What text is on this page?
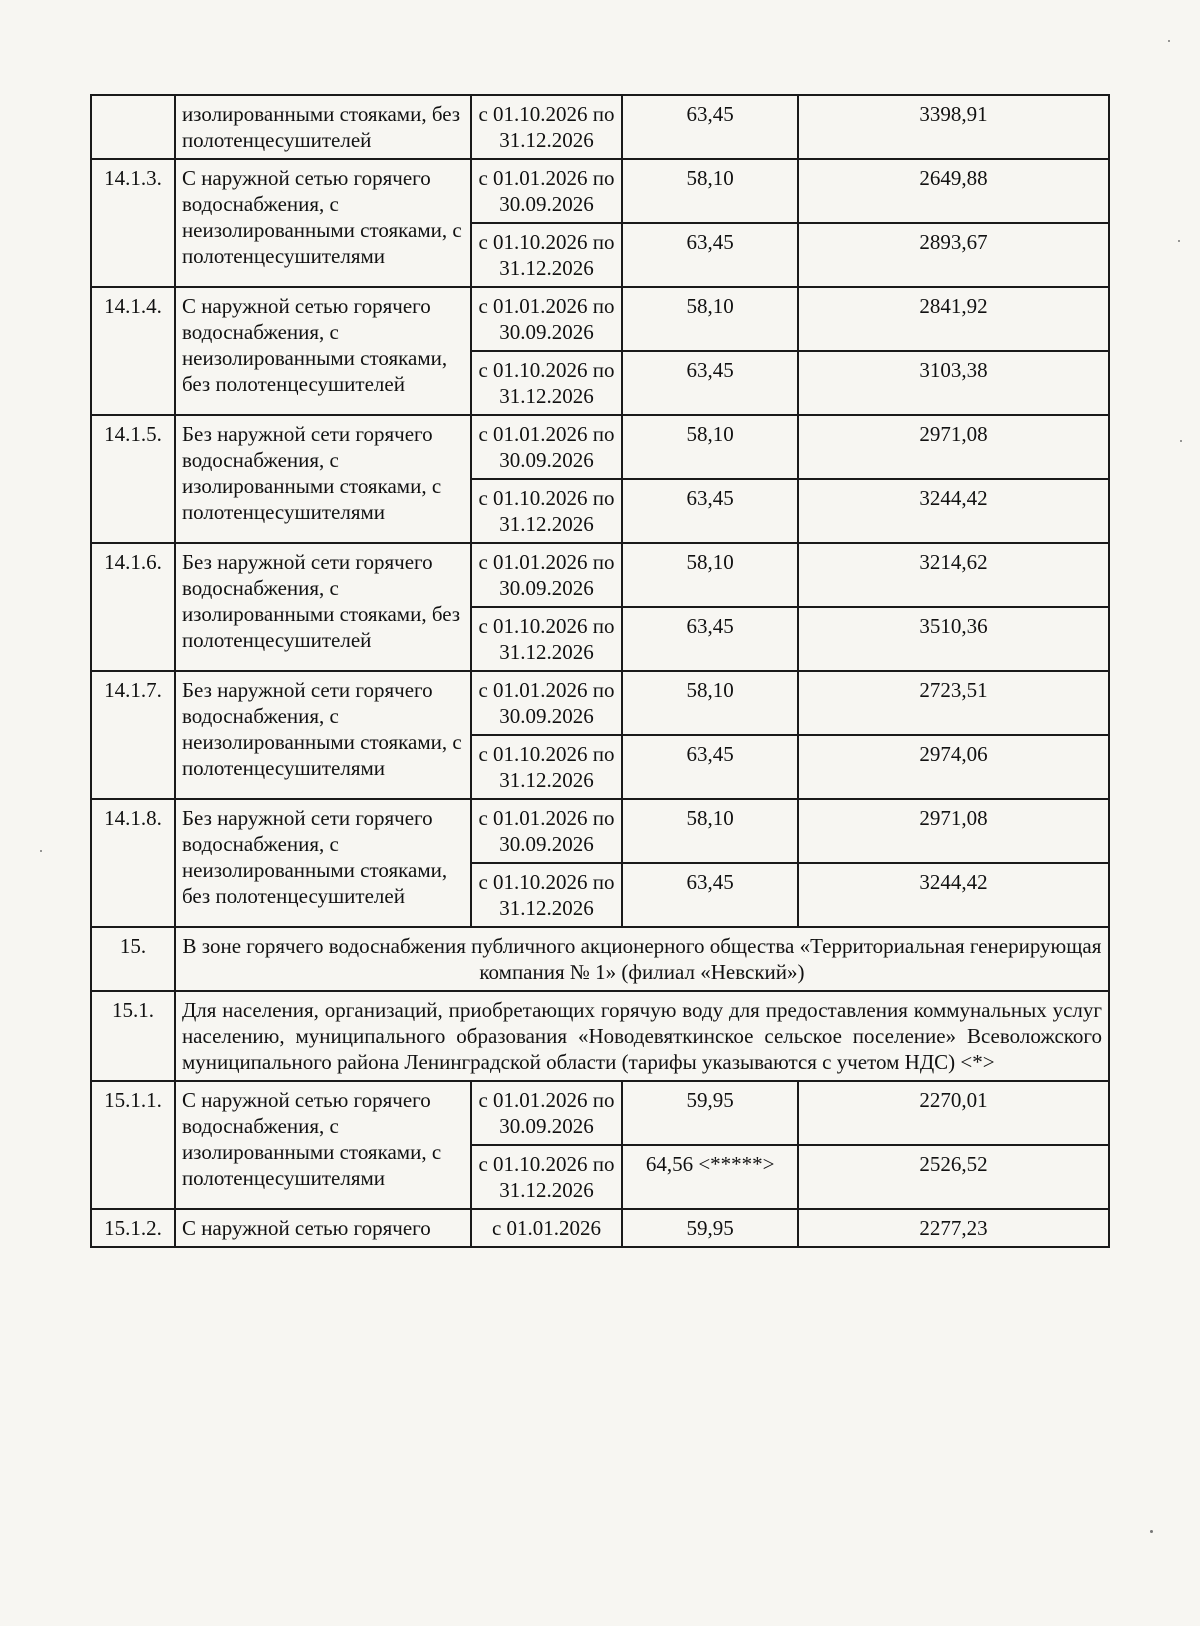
	изолированными стояками, без полотенцесушителей	с 01.10.2026 по 31.12.2026	63,45	3398,91
14.1.3.	С наружной сетью горячего водоснабжения, с неизолированными стояками, с полотенцесушителями	с 01.01.2026 по 30.09.2026	58,10	2649,88
		с 01.10.2026 по 31.12.2026	63,45	2893,67
14.1.4.	С наружной сетью горячего водоснабжения, с неизолированными стояками, без полотенцесушителей	с 01.01.2026 по 30.09.2026	58,10	2841,92
		с 01.10.2026 по 31.12.2026	63,45	3103,38
14.1.5.	Без наружной сети горячего водоснабжения, с изолированными стояками, с полотенцесушителями	с 01.01.2026 по 30.09.2026	58,10	2971,08
		с 01.10.2026 по 31.12.2026	63,45	3244,42
14.1.6.	Без наружной сети горячего водоснабжения, с изолированными стояками, без полотенцесушителей	с 01.01.2026 по 30.09.2026	58,10	3214,62
		с 01.10.2026 по 31.12.2026	63,45	3510,36
14.1.7.	Без наружной сети горячего водоснабжения, с неизолированными стояками, с полотенцесушителями	с 01.01.2026 по 30.09.2026	58,10	2723,51
		с 01.10.2026 по 31.12.2026	63,45	2974,06
14.1.8.	Без наружной сети горячего водоснабжения, с неизолированными стояками, без полотенцесушителей	с 01.01.2026 по 30.09.2026	58,10	2971,08
		с 01.10.2026 по 31.12.2026	63,45	3244,42
15.	В зоне горячего водоснабжения публичного акционерного общества «Территориальная генерирующая компания № 1» (филиал «Невский»)			
15.1.	Для населения, организаций, приобретающих горячую воду для предоставления коммунальных услуг населению, муниципального образования «Новодевяткинское сельское поселение» Всеволожского муниципального района Ленинградской области (тарифы указываются с учетом НДС) <*>			
15.1.1.	С наружной сетью горячего водоснабжения, с изолированными стояками, с полотенцесушителями	с 01.01.2026 по 30.09.2026	59,95	2270,01
		с 01.10.2026 по 31.12.2026	64,56 <*****>	2526,52
15.1.2.	С наружной сетью горячего	с 01.01.2026	59,95	2277,23
